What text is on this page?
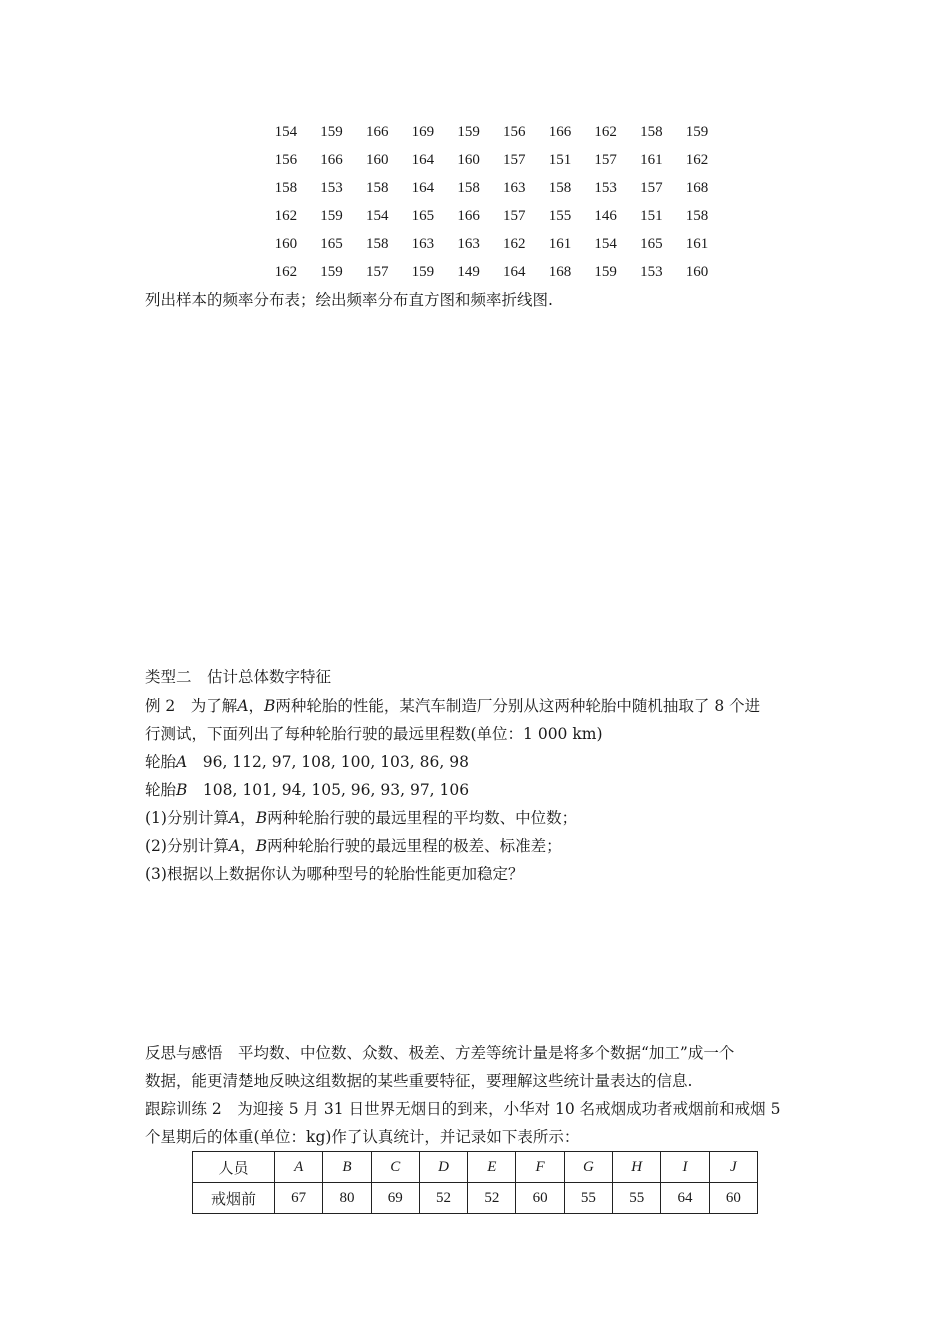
154	159	166	169	159	156	166	162	158	159
156	166	160	164	160	157	151	157	161	162
158	153	158	164	158	163	158	153	157	168
162	159	154	165	166	157	155	146	151	158
160	165	158	163	163	162	161	154	165	161
162	159	157	159	149	164	168	159	153	160
列出样本的频率分布表；绘出频率分布直方图和频率折线图.
类型二　估计总体数字特征
例 2　为了解A，B两种轮胎的性能，某汽车制造厂分别从这两种轮胎中随机抽取了 8 个进
行测试，下面列出了每种轮胎行驶的最远里程数(单位：1 000 km)
轮胎A　96, 112, 97, 108, 100, 103, 86, 98
轮胎B　108, 101, 94, 105, 96, 93, 97, 106
(1)分别计算A，B两种轮胎行驶的最远里程的平均数、中位数；
(2)分别计算A，B两种轮胎行驶的最远里程的极差、标准差；
(3)根据以上数据你认为哪种型号的轮胎性能更加稳定？
反思与感悟　平均数、中位数、众数、极差、方差等统计量是将多个数据“加工”成一个
数据，能更清楚地反映这组数据的某些重要特征，要理解这些统计量表达的信息.
跟踪训练 2　为迎接 5 月 31 日世界无烟日的到来，小华对 10 名戒烟成功者戒烟前和戒烟 5
个星期后的体重(单位：kg)作了认真统计，并记录如下表所示：
人员	A	B	C	D	E	F	G	H	I	J
戒烟前	67	80	69	52	52	60	55	55	64	60
